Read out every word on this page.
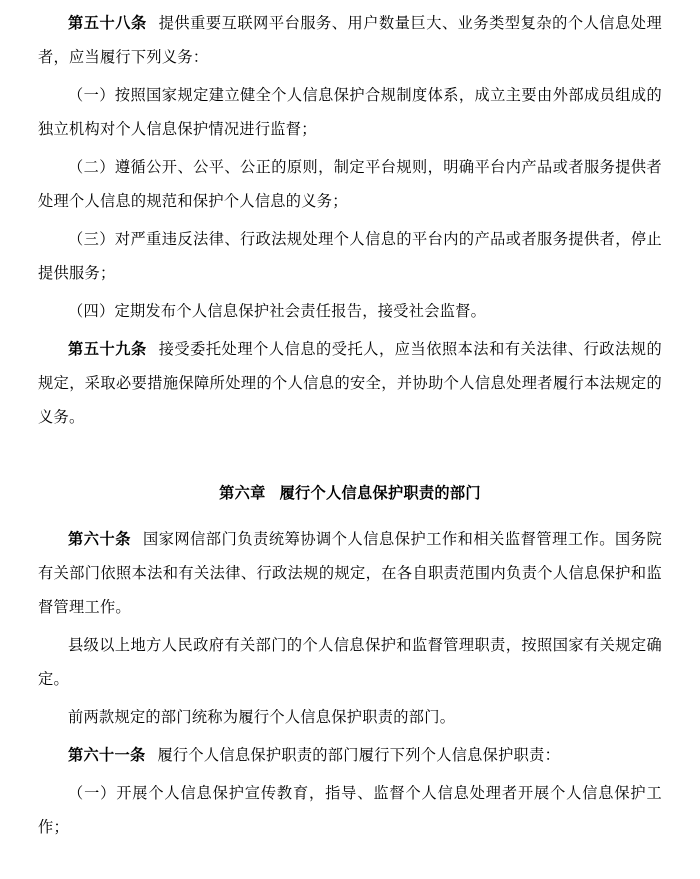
第五十八条 提供重要互联网平台服务、用户数量巨大、业务类型复杂的个人信息处理者，应当履行下列义务：

（一）按照国家规定建立健全个人信息保护合规制度体系，成立主要由外部成员组成的独立机构对个人信息保护情况进行监督；

（二）遵循公开、公平、公正的原则，制定平台规则，明确平台内产品或者服务提供者处理个人信息的规范和保护个人信息的义务；

（三）对严重违反法律、行政法规处理个人信息的平台内的产品或者服务提供者，停止提供服务；

（四）定期发布个人信息保护社会责任报告，接受社会监督。

第五十九条 接受委托处理个人信息的受托人，应当依照本法和有关法律、行政法规的规定，采取必要措施保障所处理的个人信息的安全，并协助个人信息处理者履行本法规定的义务。

第六章 履行个人信息保护职责的部门

第六十条 国家网信部门负责统筹协调个人信息保护工作和相关监督管理工作。国务院有关部门依照本法和有关法律、行政法规的规定，在各自职责范围内负责个人信息保护和监督管理工作。

县级以上地方人民政府有关部门的个人信息保护和监督管理职责，按照国家有关规定确定。

前两款规定的部门统称为履行个人信息保护职责的部门。

第六十一条 履行个人信息保护职责的部门履行下列个人信息保护职责：

（一）开展个人信息保护宣传教育，指导、监督个人信息处理者开展个人信息保护工作；
